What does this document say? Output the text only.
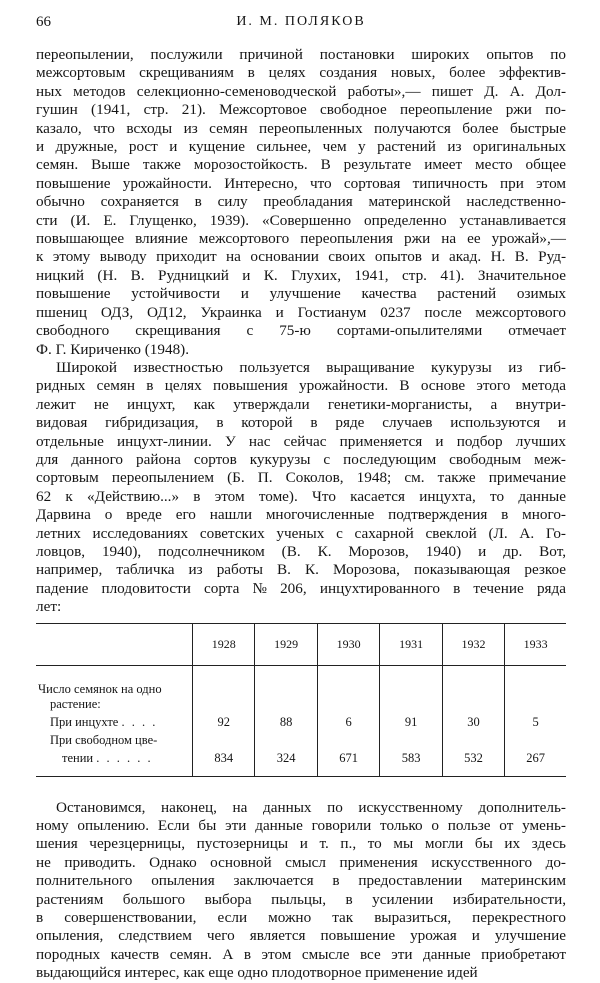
66	И. М. ПОЛЯКОВ

переопылении, послужили причиной постановки широких опытов по
межсортовым скрещиваниям в целях создания новых, более эффектив-
ных методов селекционно-семеноводческой работы»,— пишет Д. А. Дол-
гушин (1941, стр. 21). Межсортовое свободное переопыление ржи по-
казало, что всходы из семян переопыленных получаются более быстрые
и дружные, рост и кущение сильнее, чем у растений из оригинальных
семян. Выше также морозостойкость. В результате имеет место общее
повышение урожайности. Интересно, что сортовая типичность при этом
обычно сохраняется в силу преобладания материнской наследственно-
сти (И. Е. Глущенко, 1939). «Совершенно определенно устанавливается
повышающее влияние межсортового переопыления ржи на ее урожай»,—
к этому выводу приходит на основании своих опытов и акад. Н. В. Руд-
ницкий (Н. В. Рудницкий и К. Глухих, 1941, стр. 41). Значительное
повышение устойчивости и улучшение качества растений озимых
пшениц ОДЗ, ОД12, Украинка и Гостианум 0237 после межсортового
свободного скрещивания с 75-ю сортами-опылителями отмечает
Ф. Г. Кириченко (1948).

Широкой известностью пользуется выращивание кукурузы из гиб-
ридных семян в целях повышения урожайности. В основе этого метода
лежит не инцухт, как утверждали генетики-морганисты, а внутри-
видовая гибридизация, в которой в ряде случаев используются и
отдельные инцухт-линии. У нас сейчас применяется и подбор лучших
для данного района сортов кукурузы с последующим свободным меж-
сортовым переопылением (Б. П. Соколов, 1948; см. также примечание
62 к «Действию...» в этом томе). Что касается инцухта, то данные
Дарвина о вреде его нашли многочисленные подтверждения в много-
летних исследованиях советских ученых с сахарной свеклой (Л. А. Го-
ловцов, 1940), подсолнечником (В. К. Морозов, 1940) и др. Вот,
например, табличка из работы В. К. Морозова, показывающая резкое
падение плодовитости сорта № 206, инцухтированного в течение ряда
лет:

	1928	1929	1930	1931	1932	1933

Число семянок на одно
растение:						

При инцухте . . . .	92	88	6	91	30	5
При свободном цве-						
тении . . . . . .	834	324	671	583	532	267

Остановимся, наконец, на данных по искусственному дополнитель-
ному опылению. Если бы эти данные говорили только о пользе от умень-
шения черезцерницы, пустозерницы и т. п., то мы могли бы их здесь
не приводить. Однако основной смысл применения искусственного до-
полнительного опыления заключается в предоставлении материнским
растениям большого выбора пыльцы, в усилении избирательности,
в совершенствовании, если можно так выразиться, перекрестного
опыления, следствием чего является повышение урожая и улучшение
породных качеств семян. А в этом смысле все эти данные приобретают
выдающийся интерес, как еще одно плодотворное применение идей
